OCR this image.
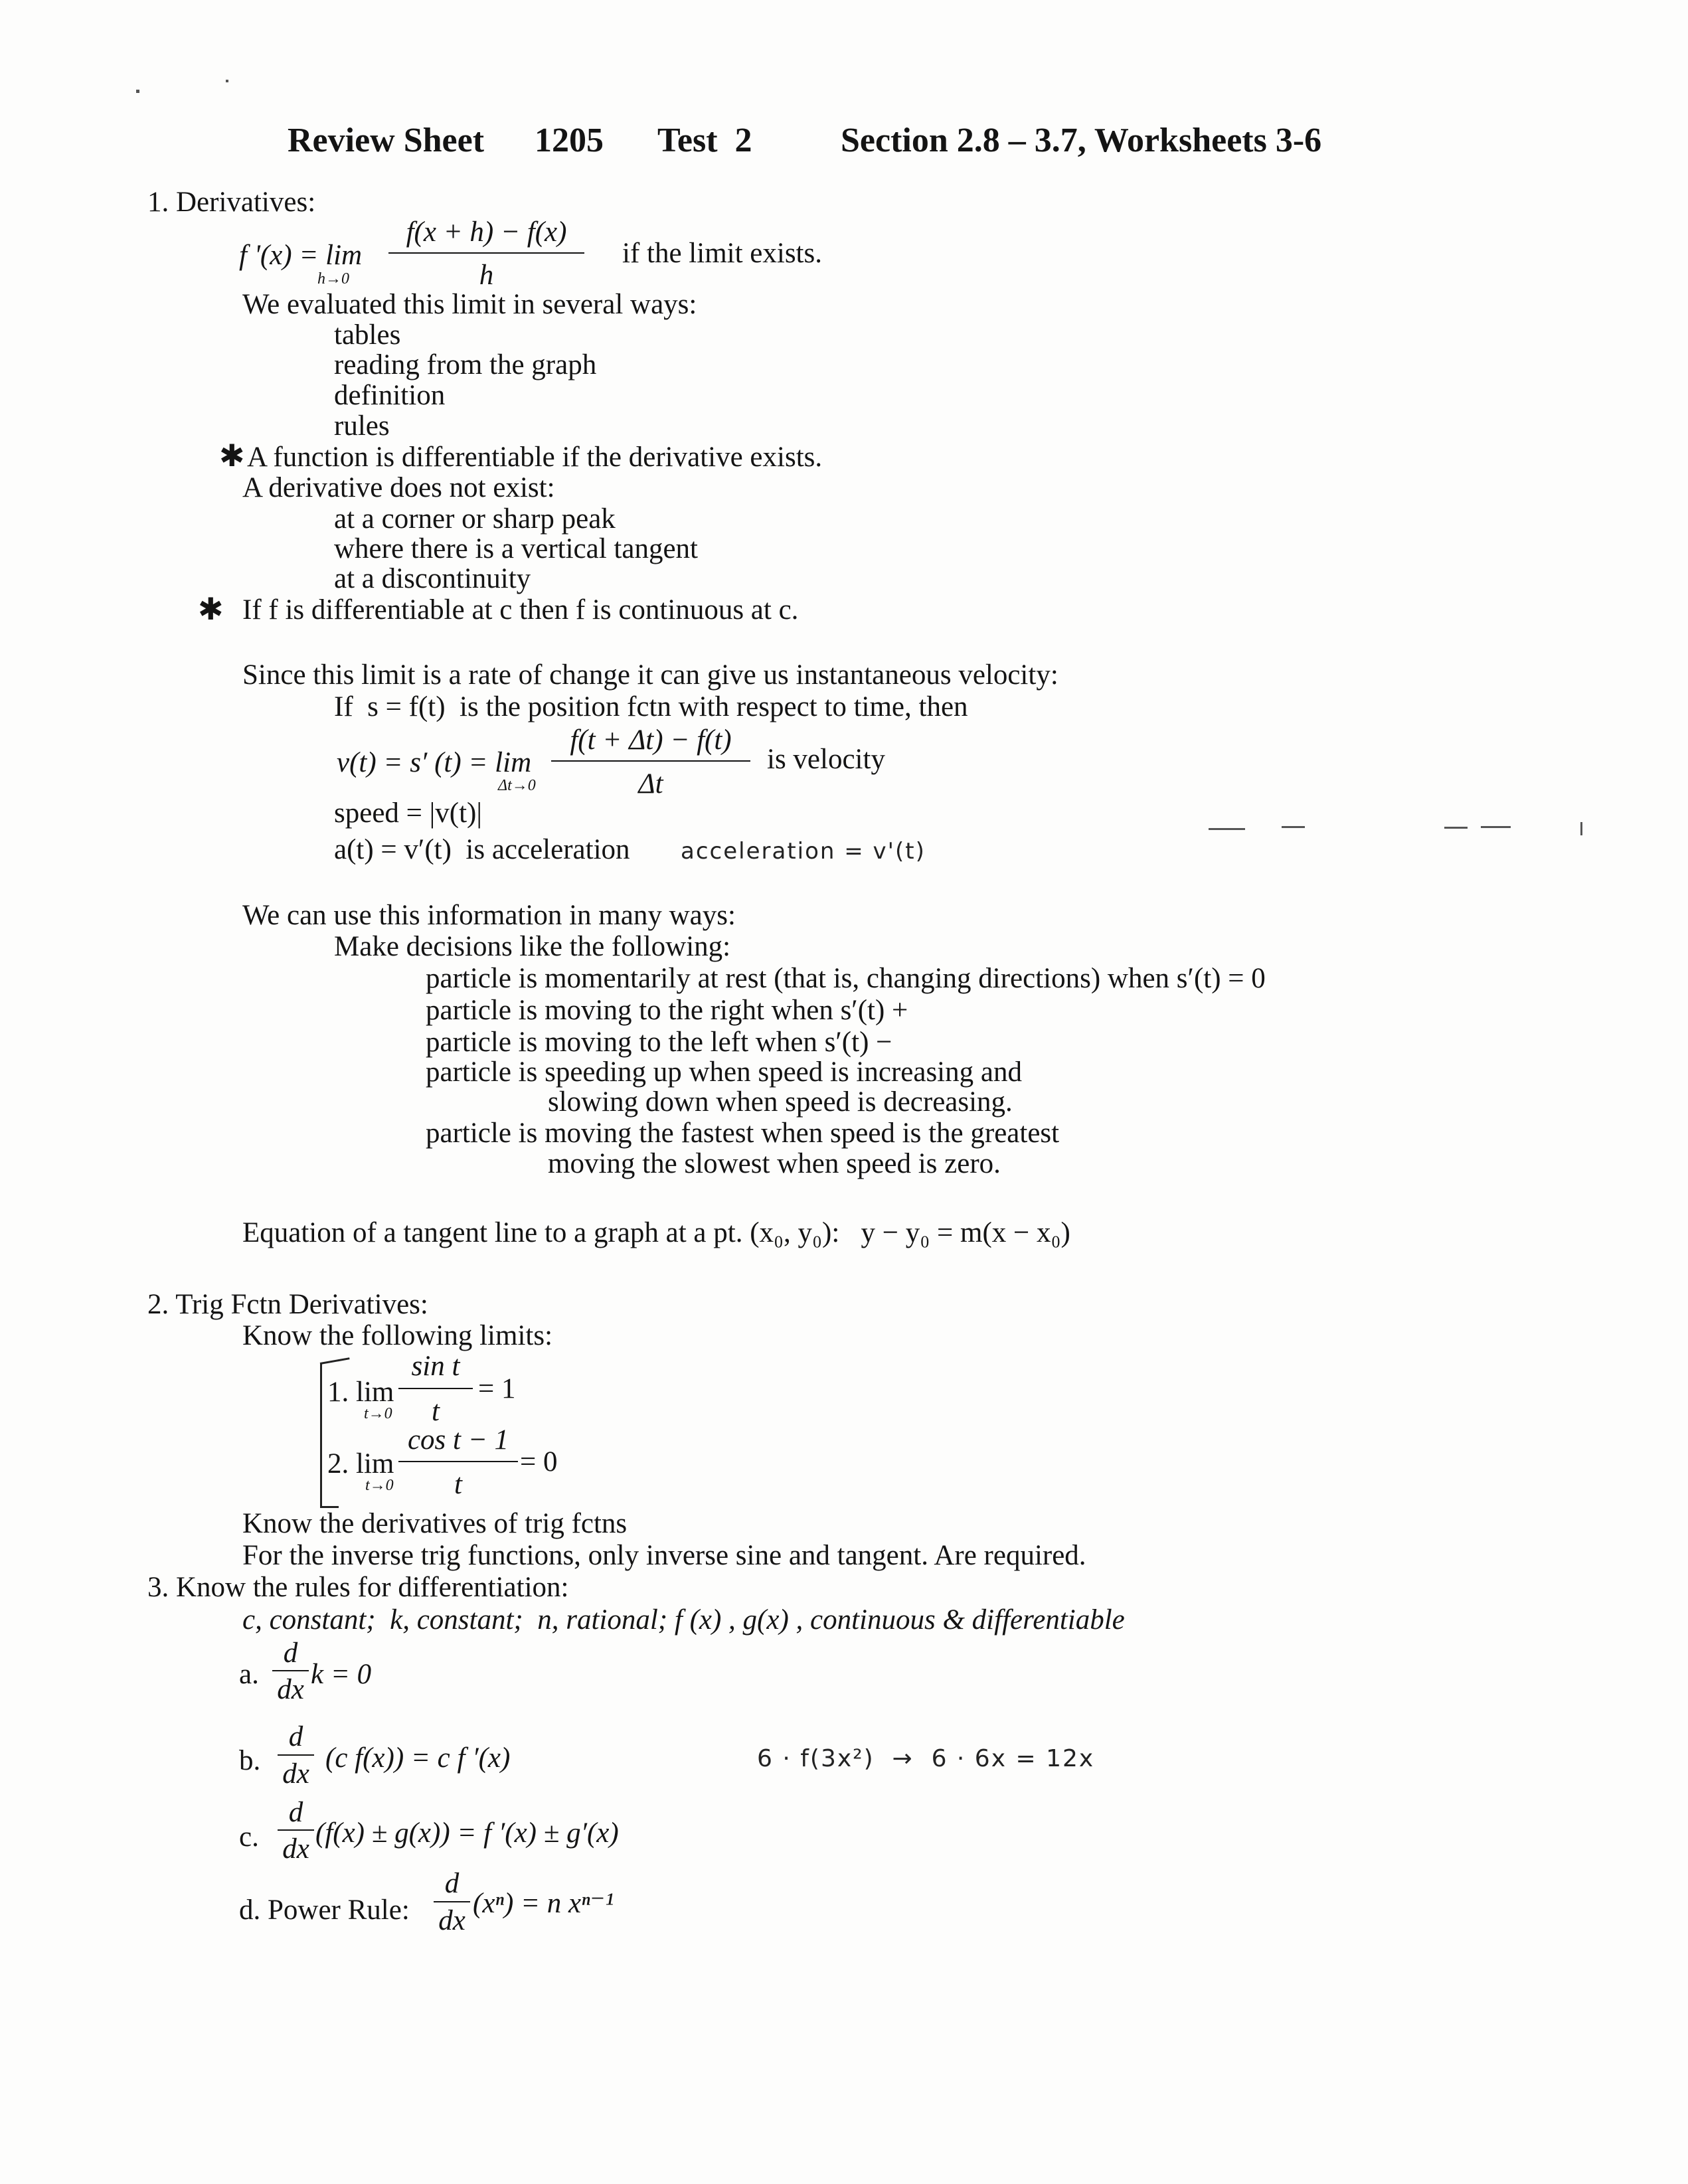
Review Sheet 1205 Test  2	Section 2.8 – 3.7, Worksheets 3-6
1. Derivatives:
f '(x) = lim
h→0
f(x + h) − f(x)
h
if the limit exists.
We evaluated this limit in several ways:
tables
reading from the graph
definition
rules
✱ A function is differentiable if the derivative exists.
A derivative does not exist:
at a corner or sharp peak
where there is a vertical tangent
at a discontinuity
✱ If f is differentiable at c then f is continuous at c.
Since this limit is a rate of change it can give us instantaneous velocity:
If  s = f(t)  is the position fctn with respect to time, then
v(t) = s′ (t) = lim
Δt→0
f(t + Δt) − f(t)
Δt
is velocity
speed = |v(t)|
a(t) = v′(t)  is acceleration acceleration = v'(t)
We can use this information in many ways:
Make decisions like the following:
particle is momentarily at rest (that is, changing directions) when s′(t) = 0
particle is moving to the right when s′(t) +
particle is moving to the left when s′(t) −
particle is speeding up when speed is increasing and
slowing down when speed is decreasing.
particle is moving the fastest when speed is the greatest
moving the slowest when speed is zero.
Equation of a tangent line to a graph at a pt. (x₀, y₀):   y − y₀ = m(x − x₀)
2. Trig Fctn Derivatives:
Know the following limits:
1. lim
t→0
sin t
t
= 1
2. lim
t→0
cos t − 1
t
= 0
Know the derivatives of trig fctns
For the inverse trig functions, only inverse sine and tangent. Are required.
3. Know the rules for differentiation:
c, constant;  k, constant;  n, rational; f (x) , g(x) , continuous & differentiable
a.
d
dx k = 0
b.
d
dx
(c f(x)) = c f ′(x)	6 · f(3x²)  →  6 · 6x = 12x
c.
d
dx
(f(x) ± g(x)) = f ′(x) ± g′(x)
d. Power Rule:
d
dx
(xⁿ) = n xⁿ⁻¹
